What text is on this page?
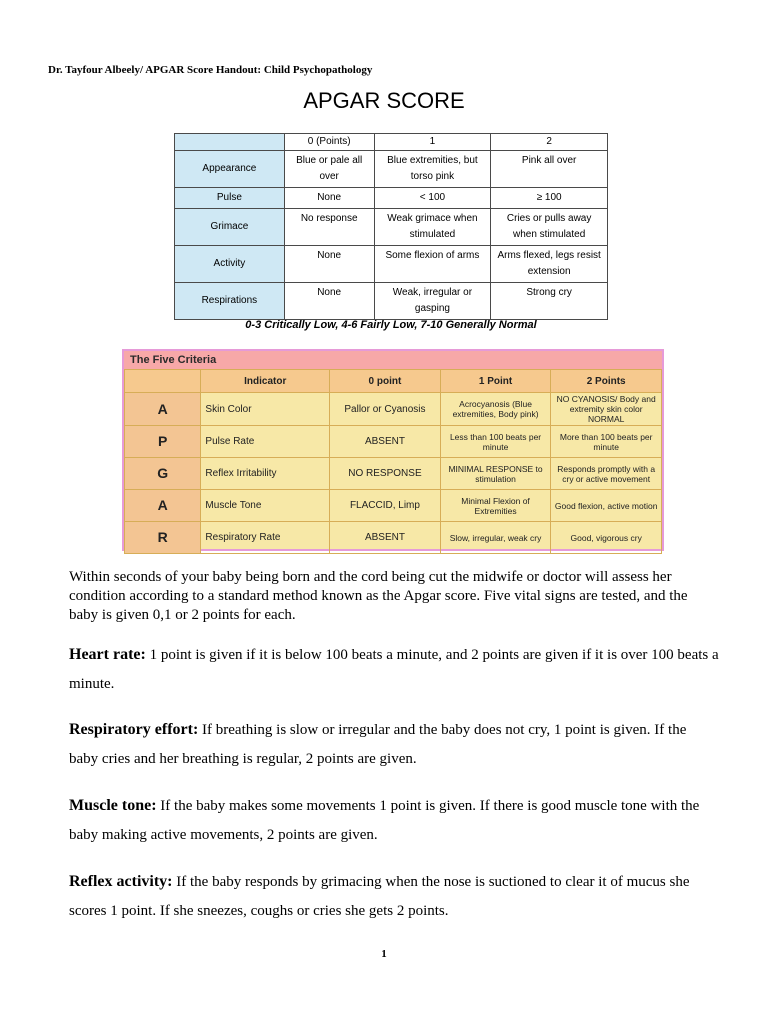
Dr. Tayfour Albeely/ APGAR Score Handout: Child Psychopathology
APGAR SCORE
	0 (Points)	1	2
Appearance	Blue or pale all over	Blue extremities, but torso pink	Pink all over
Pulse	None	< 100	≥ 100
Grimace	No response	Weak grimace when stimulated	Cries or pulls away when stimulated
Activity	None	Some flexion of arms	Arms flexed, legs resist extension
Respirations	None	Weak, irregular or gasping	Strong cry
0-3 Critically Low, 4-6 Fairly Low, 7-10 Generally Normal
The Five Criteria
	Indicator	0 point	1 Point	2 Points
A	Skin Color	Pallor or Cyanosis	Acrocyanosis (Blue extremities, Body pink)	NO CYANOSIS/ Body and extremity skin color NORMAL
P	Pulse Rate	ABSENT	Less than 100 beats per minute	More than 100 beats per minute
G	Reflex Irritability	NO RESPONSE	MINIMAL RESPONSE to stimulation	Responds promptly with a cry or active movement
A	Muscle Tone	FLACCID, Limp	Minimal Flexion of Extremities	Good flexion, active motion
R	Respiratory Rate	ABSENT	Slow, irregular, weak cry	Good, vigorous cry

Within seconds of your baby being born and the cord being cut the midwife or doctor will assess her condition according to a standard method known as the Apgar score. Five vital signs are tested, and the baby is given 0,1 or 2 points for each.

Heart rate: 1 point is given if it is below 100 beats a minute, and 2 points are given if it is over 100 beats a minute.

Respiratory effort: If breathing is slow or irregular and the baby does not cry, 1 point is given. If the baby cries and her breathing is regular, 2 points are given.

Muscle tone: If the baby makes some movements 1 point is given. If there is good muscle tone with the baby making active movements, 2 points are given.

Reflex activity: If the baby responds by grimacing when the nose is suctioned to clear it of mucus she scores 1 point. If she sneezes, coughs or cries she gets 2 points.

1
